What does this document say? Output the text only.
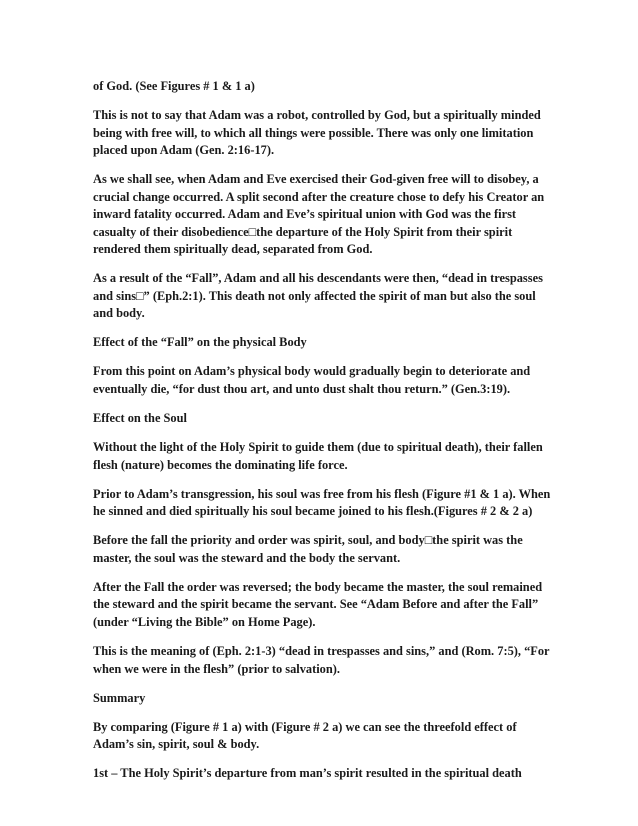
of God. (See Figures # 1 & 1 a)

This is not to say that Adam was a robot, controlled by God, but a spiritually minded being with free will, to which all things were possible. There was only one limitation placed upon Adam (Gen. 2:16-17).

As we shall see, when Adam and Eve exercised their God-given free will to disobey, a crucial change occurred. A split second after the creature chose to defy his Creator an inward fatality occurred. Adam and Eve’s spiritual union with God was the first casualty of their disobedience□the departure of the Holy Spirit from their spirit rendered them spiritually dead, separated from God.

As a result of the “Fall”, Adam and all his descendants were then, “dead in trespasses and sins□” (Eph.2:1). This death not only affected the spirit of man but also the soul and body.

Effect of the “Fall” on the physical Body

From this point on Adam’s physical body would gradually begin to deteriorate and eventually die, “for dust thou art, and unto dust shalt thou return.” (Gen.3:19).

Effect on the Soul

Without the light of the Holy Spirit to guide them (due to spiritual death), their fallen flesh (nature) becomes the dominating life force.

Prior to Adam’s transgression, his soul was free from his flesh (Figure #1 & 1 a). When he sinned and died spiritually his soul became joined to his flesh.(Figures # 2 & 2 a)

Before the fall the priority and order was spirit, soul, and body□the spirit was the master, the soul was the steward and the body the servant.

After the Fall the order was reversed; the body became the master, the soul remained the steward and the spirit became the servant. See “Adam Before and after the Fall” (under “Living the Bible” on Home Page).

This is the meaning of (Eph. 2:1-3) “dead in trespasses and sins,” and (Rom. 7:5), “For when we were in the flesh” (prior to salvation).

Summary

By comparing (Figure # 1 a) with (Figure # 2 a) we can see the threefold effect of Adam’s sin, spirit, soul & body.

1st – The Holy Spirit’s departure from man’s spirit resulted in the spiritual death
